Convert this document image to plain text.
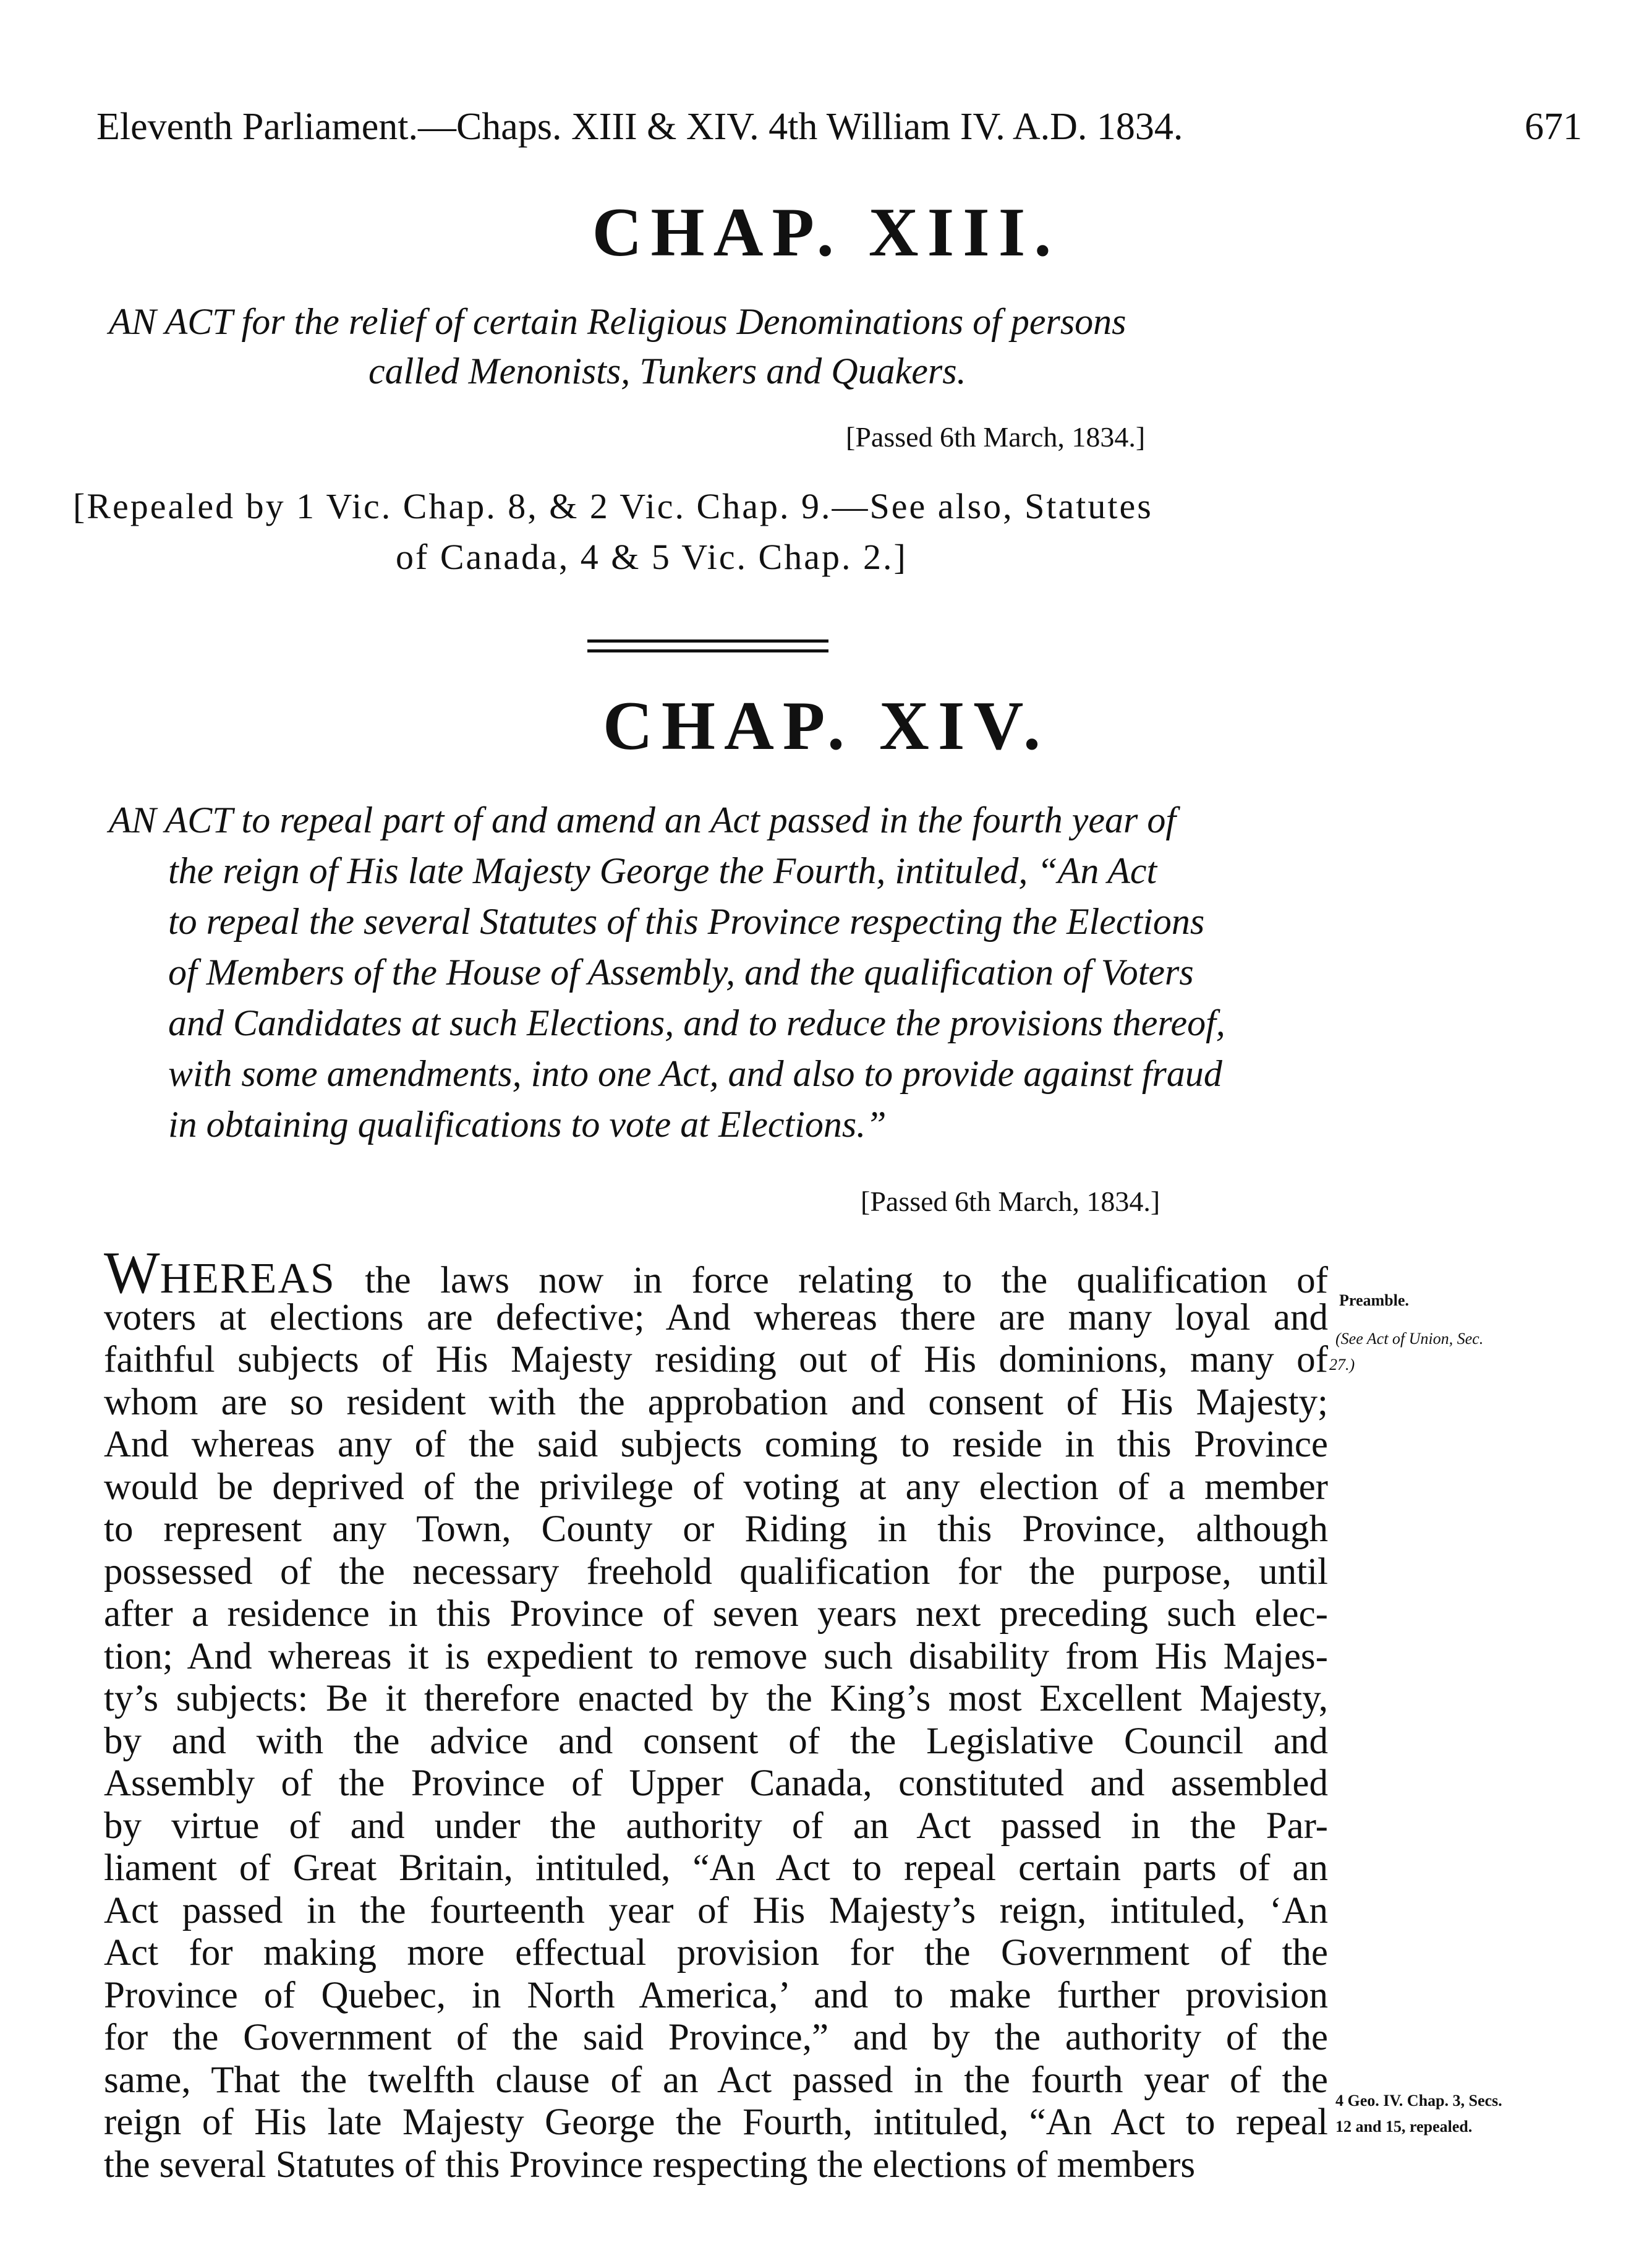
Eleventh Parliament.—Chaps. XIII & XIV. 4th William IV. A.D. 1834.	671
CHAP. XIII.
AN ACT for the relief of certain Religious Denominations of persons
called Menonists, Tunkers and Quakers.
[Passed 6th March, 1834.]
[Repealed by 1 Vic. Chap. 8, & 2 Vic. Chap. 9.—See also, Statutes
of Canada, 4 & 5 Vic. Chap. 2.]
CHAP. XIV.
AN ACT to repeal part of and amend an Act passed in the fourth year of
the reign of His late Majesty George the Fourth, intituled, “An Act
to repeal the several Statutes of this Province respecting the Elections
of Members of the House of Assembly, and the qualification of Voters
and Candidates at such Elections, and to reduce the provisions thereof,
with some amendments, into one Act, and also to provide against fraud
in obtaining qualifications to vote at Elections.”
[Passed 6th March, 1834.]
WHEREAS the laws now in force relating to the qualification of
voters at elections are defective; And whereas there are many loyal and
faithful subjects of His Majesty residing out of His dominions, many of
whom are so resident with the approbation and consent of His Majesty;
And whereas any of the said subjects coming to reside in this Province
would be deprived of the privilege of voting at any election of a member
to represent any Town, County or Riding in this Province, although
possessed of the necessary freehold qualification for the purpose, until
after a residence in this Province of seven years next preceding such elec-
tion; And whereas it is expedient to remove such disability from His Majes-
ty’s subjects: Be it therefore enacted by the King’s most Excellent Majesty,
by and with the advice and consent of the Legislative Council and
Assembly of the Province of Upper Canada, constituted and assembled
by virtue of and under the authority of an Act passed in the Par-
liament of Great Britain, intituled, “An Act to repeal certain parts of an
Act passed in the fourteenth year of His Majesty’s reign, intituled, ‘An
Act for making more effectual provision for the Government of the
Province of Quebec, in North America,’ and to make further provision
for the Government of the said Province,” and by the authority of the
same, That the twelfth clause of an Act passed in the fourth year of the
reign of His late Majesty George the Fourth, intituled, “An Act to repeal
the several Statutes of this Province respecting the elections of members
Preamble.
(See Act of Union, Sec.
27.)
4 Geo. IV. Chap. 3, Secs.
12 and 15, repealed.
